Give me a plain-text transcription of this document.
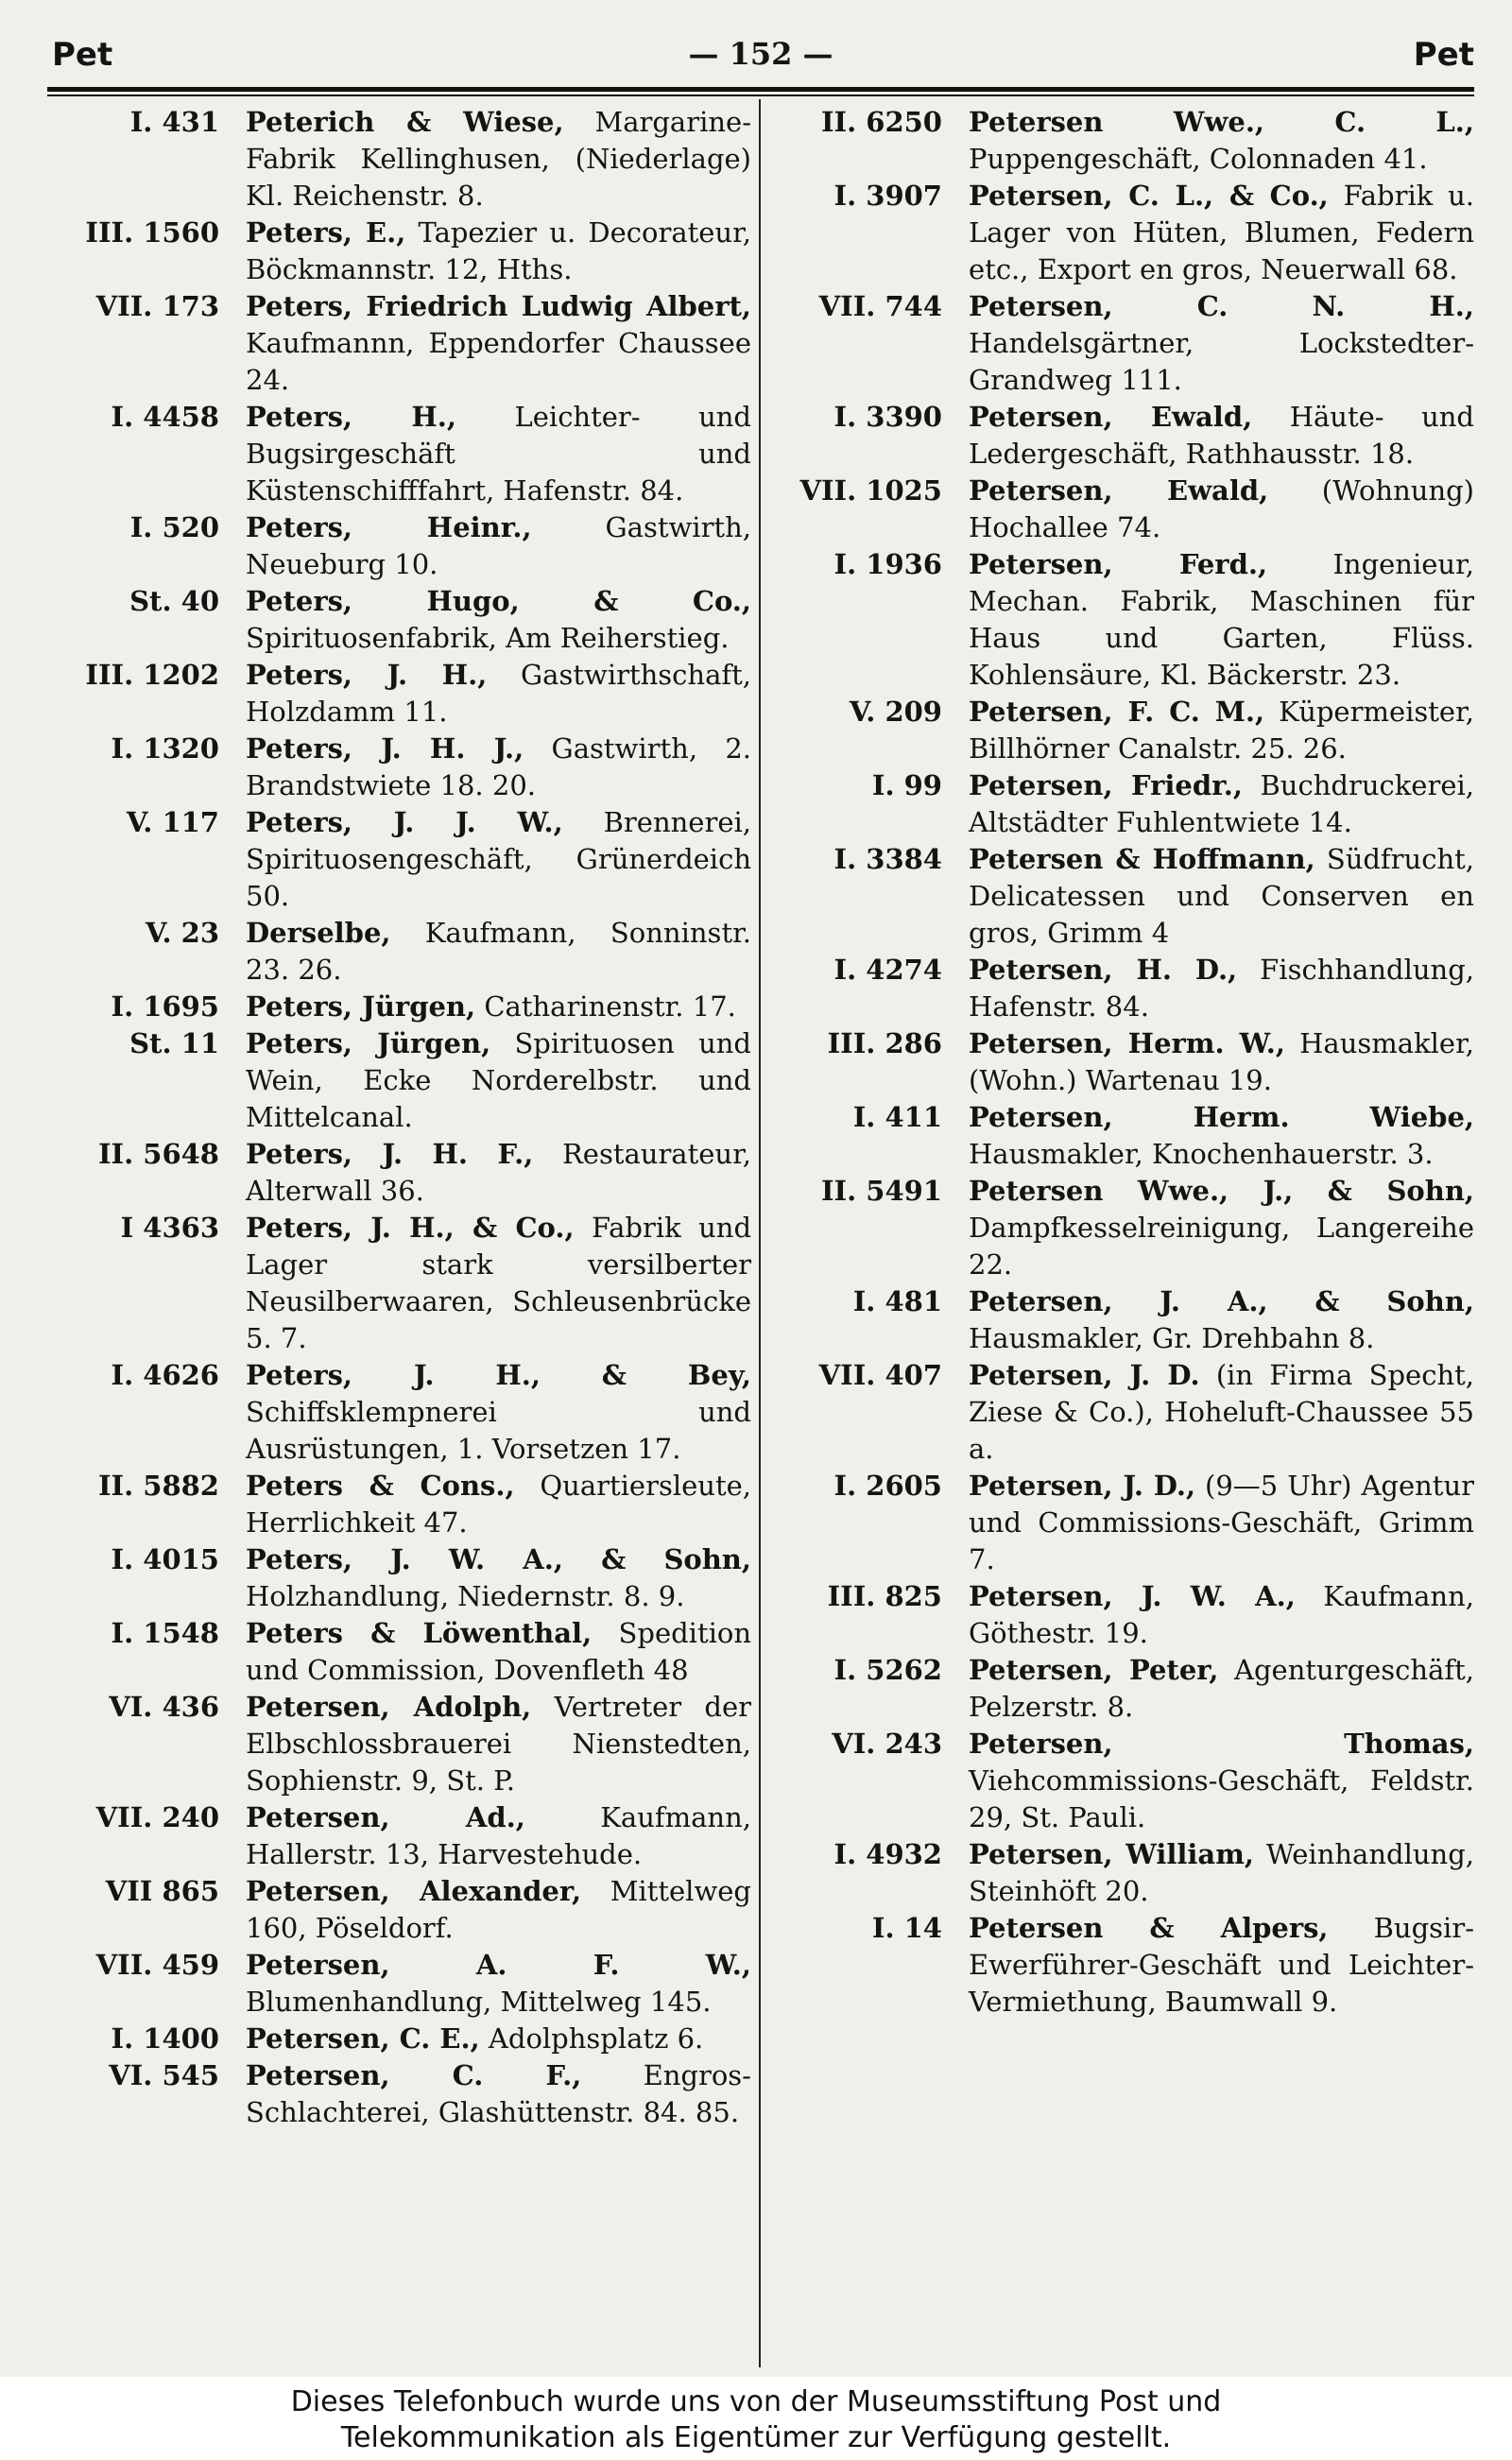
Pet	— 152 —	Pet
I. 431 Peterich & Wiese, Margarine-Fabrik Kellinghusen, (Niederlage) Kl. Reichenstr. 8.
III. 1560 Peters, E., Tapezier u. Decorateur, Böckmannstr. 12, Hths.
VII. 173 Peters, Friedrich Ludwig Albert, Kaufmannn, Eppendorfer Chaussee 24.
I. 4458 Peters, H., Leichter- und Bugsirgeschäft und Küstenschifffahrt, Hafenstr. 84.
I. 520 Peters, Heinr., Gastwirth, Neueburg 10.
St. 40 Peters, Hugo, & Co., Spirituosenfabrik, Am Reiherstieg.
III. 1202 Peters, J. H., Gastwirthschaft, Holzdamm 11.
I. 1320 Peters, J. H. J., Gastwirth, 2. Brandstwiete 18. 20.
V. 117 Peters, J. J. W., Brennerei, Spirituosengeschäft, Grünerdeich 50.
V. 23 Derselbe, Kaufmann, Sonninstr. 23. 26.
I. 1695 Peters, Jürgen, Catharinenstr. 17.
St. 11 Peters, Jürgen, Spirituosen und Wein, Ecke Norderelbstr. und Mittelcanal.
II. 5648 Peters, J. H. F., Restaurateur, Alterwall 36.
I 4363 Peters, J. H., & Co., Fabrik und Lager stark versilberter Neusilberwaaren, Schleusenbrücke 5. 7.
I. 4626 Peters, J. H., & Bey, Schiffsklempnerei und Ausrüstungen, 1. Vorsetzen 17.
II. 5882 Peters & Cons., Quartiersleute, Herrlichkeit 47.
I. 4015 Peters, J. W. A., & Sohn, Holzhandlung, Niedernstr. 8. 9.
I. 1548 Peters & Löwenthal, Spedition und Commission, Dovenfleth 48
VI. 436 Petersen, Adolph, Vertreter der Elbschlossbrauerei Nienstedten, Sophienstr. 9, St. P.
VII. 240 Petersen, Ad., Kaufmann, Hallerstr. 13, Harvestehude.
VII 865 Petersen, Alexander, Mittelweg 160, Pöseldorf.
VII. 459 Petersen, A. F. W., Blumenhandlung, Mittelweg 145.
I. 1400 Petersen, C. E., Adolphsplatz 6.
VI. 545 Petersen, C. F., Engros-Schlachterei, Glashüttenstr. 84. 85.
II. 6250 Petersen Wwe., C. L., Puppengeschäft, Colonnaden 41.
I. 3907 Petersen, C. L., & Co., Fabrik u. Lager von Hüten, Blumen, Federn etc., Export en gros, Neuerwall 68.
VII. 744 Petersen, C. N. H., Handelsgärtner, Lockstedter-Grandweg 111.
I. 3390 Petersen, Ewald, Häute- und Ledergeschäft, Rathhausstr. 18.
VII. 1025 Petersen, Ewald, (Wohnung) Hochallee 74.
I. 1936 Petersen, Ferd., Ingenieur, Mechan. Fabrik, Maschinen für Haus und Garten, Flüss. Kohlensäure, Kl. Bäckerstr. 23.
V. 209 Petersen, F. C. M., Küpermeister, Billhörner Canalstr. 25. 26.
I. 99 Petersen, Friedr., Buchdruckerei, Altstädter Fuhlentwiete 14.
I. 3384 Petersen & Hoffmann, Südfrucht, Delicatessen und Conserven en gros, Grimm 4
I. 4274 Petersen, H. D., Fischhandlung, Hafenstr. 84.
III. 286 Petersen, Herm. W., Hausmakler, (Wohn.) Wartenau 19.
I. 411 Petersen, Herm. Wiebe, Hausmakler, Knochenhauerstr. 3.
II. 5491 Petersen Wwe., J., & Sohn, Dampfkesselreinigung, Langereihe 22.
I. 481 Petersen, J. A., & Sohn, Hausmakler, Gr. Drehbahn 8.
VII. 407 Petersen, J. D. (in Firma Specht, Ziese & Co.), Hoheluft-Chaussee 55 a.
I. 2605 Petersen, J. D., (9—5 Uhr) Agentur und Commissions-Geschäft, Grimm 7.
III. 825 Petersen, J. W. A., Kaufmann, Göthestr. 19.
I. 5262 Petersen, Peter, Agenturgeschäft, Pelzerstr. 8.
VI. 243 Petersen, Thomas, Viehcommissions-Geschäft, Feldstr. 29, St. Pauli.
I. 4932 Petersen, William, Weinhandlung, Steinhöft 20.
I. 14 Petersen & Alpers, Bugsir-Ewerführer-Geschäft und Leichter-Vermiethung, Baumwall 9.
Dieses Telefonbuch wurde uns von der Museumsstiftung Post und
Telekommunikation als Eigentümer zur Verfügung gestellt.
